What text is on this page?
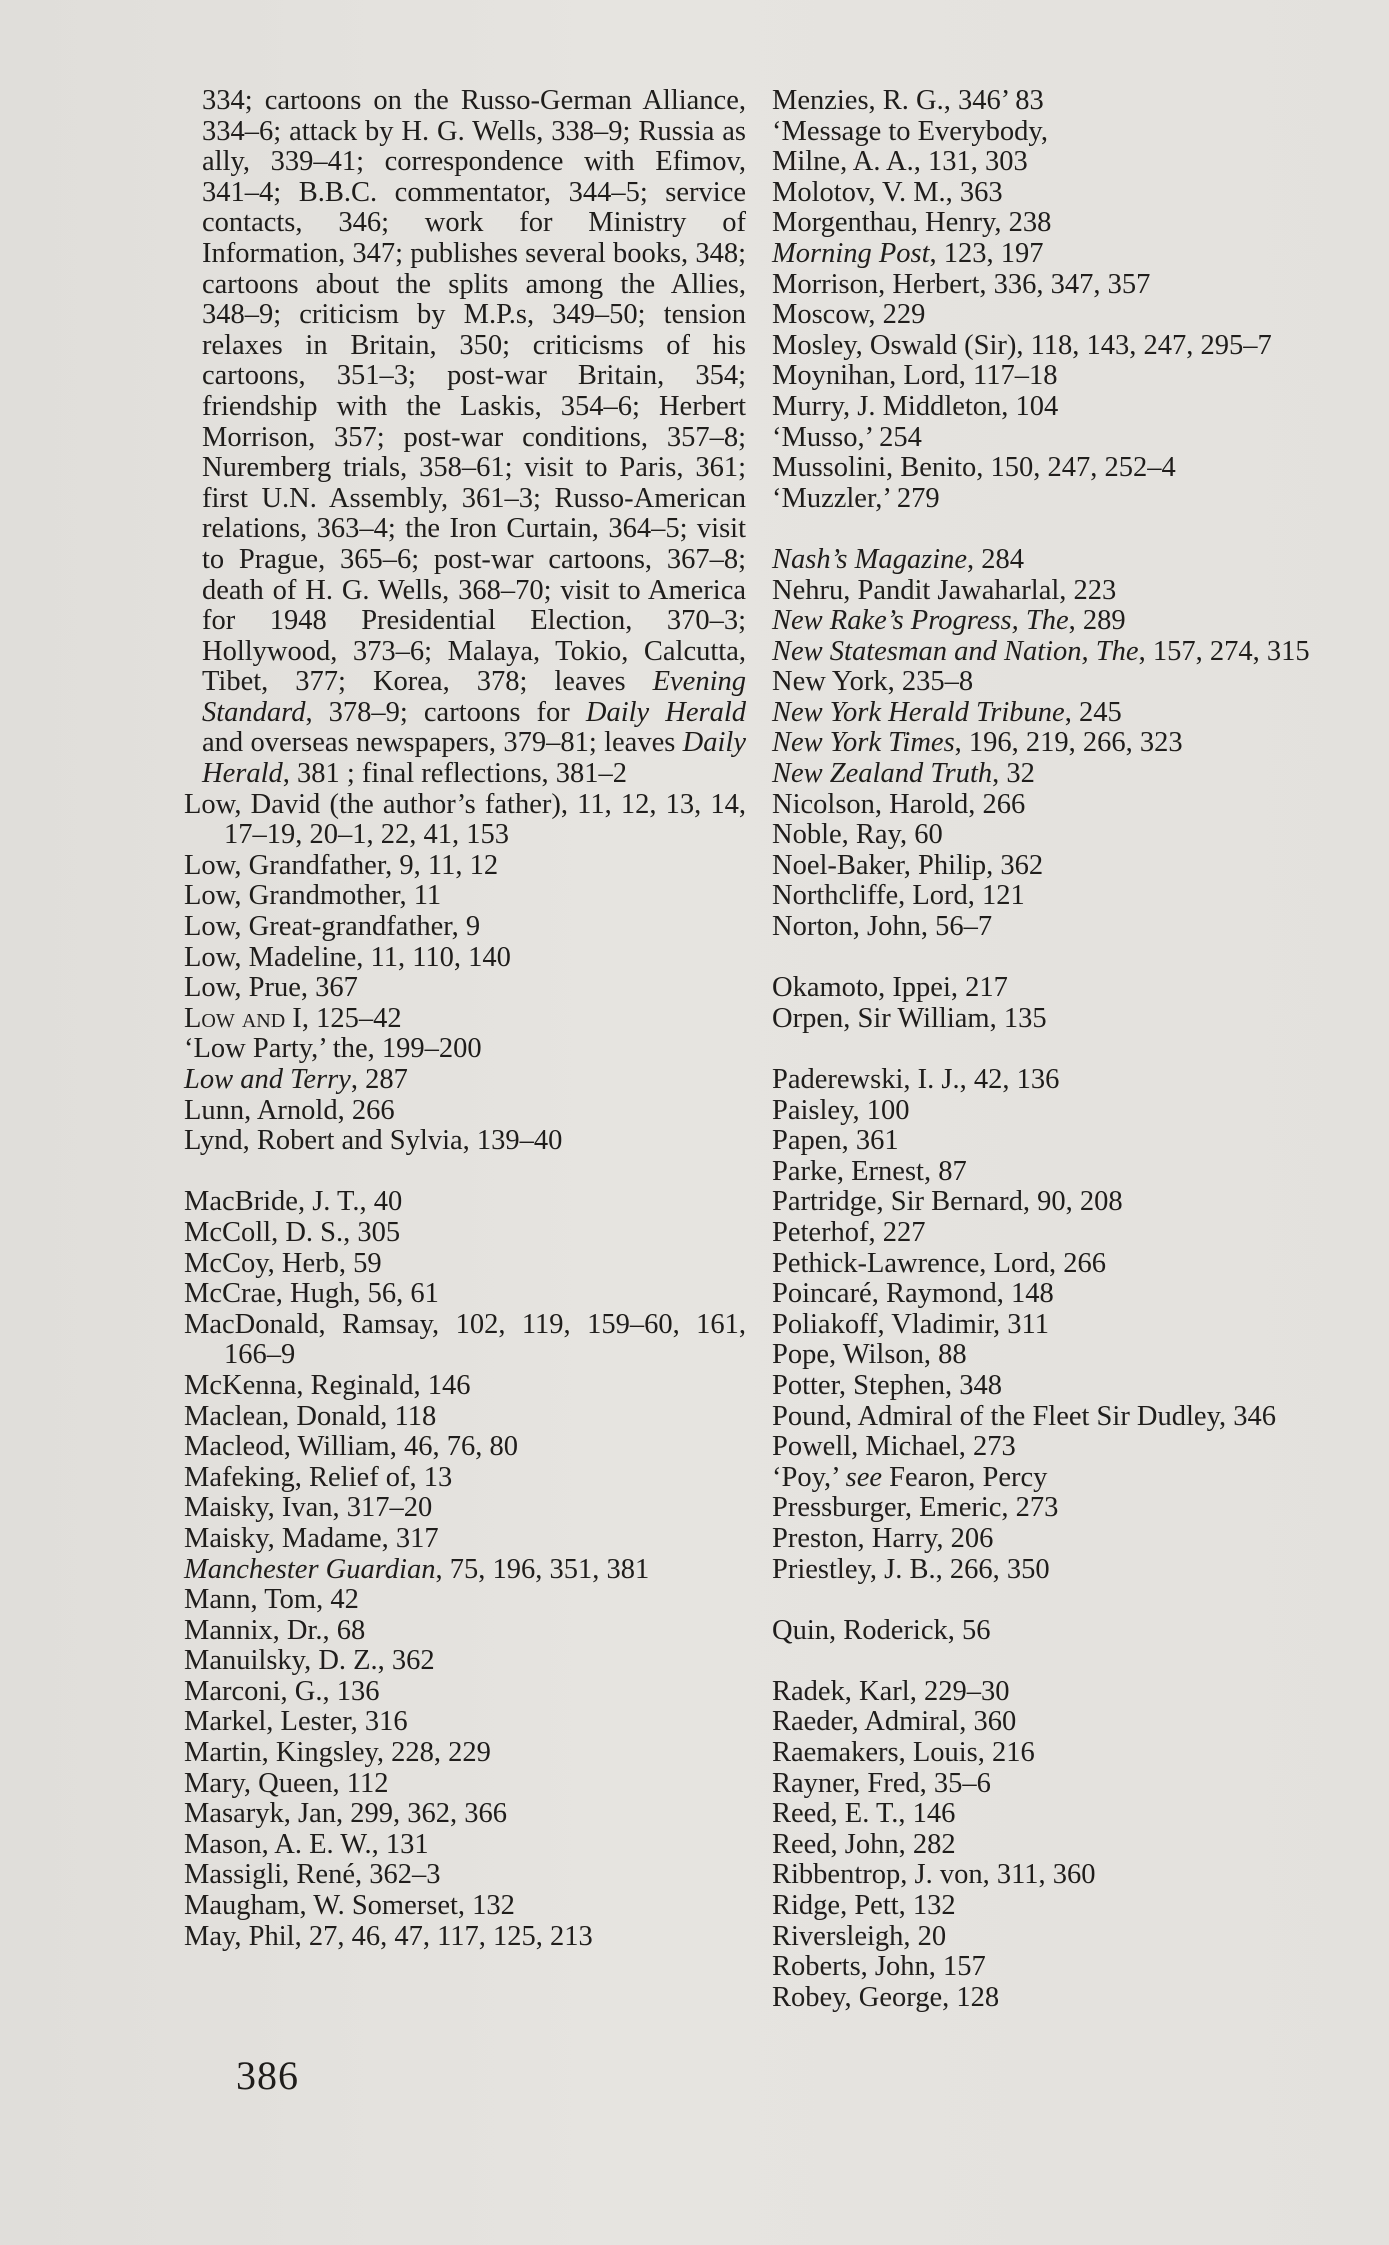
334; cartoons on the Russo-German Alliance, 334–6; attack by H. G. Wells, 338–9; Russia as ally, 339–41; correspondence with Efimov, 341–4; B.B.C. commentator, 344–5; service contacts, 346; work for Ministry of Information, 347; publishes several books, 348; cartoons about the splits among the Allies, 348–9; criticism by M.P.s, 349–50; tension relaxes in Britain, 350; criticisms of his cartoons, 351–3; post-war Britain, 354; friendship with the Laskis, 354–6; Herbert Morrison, 357; post-war conditions, 357–8; Nuremberg trials, 358–61; visit to Paris, 361; first U.N. Assembly, 361–3; Russo-American relations, 363–4; the Iron Curtain, 364–5; visit to Prague, 365–6; post-war cartoons, 367–8; death of H. G. Wells, 368–70; visit to America for 1948 Presidential Election, 370–3; Hollywood, 373–6; Malaya, Tokio, Calcutta, Tibet, 377; Korea, 378; leaves Evening Standard, 378–9; cartoons for Daily Herald and overseas newspapers, 379–81; leaves Daily Herald, 381 ; final reflections, 381–2

Low, David (the author’s father), 11, 12, 13, 14, 17–19, 20–1, 22, 41, 153

Low, Grandfather, 9, 11, 12

Low, Grandmother, 11

Low, Great-grandfather, 9

Low, Madeline, 11, 110, 140

Low, Prue, 367

Low and I, 125–42

‘Low Party,’ the, 199–200

Low and Terry, 287

Lunn, Arnold, 266

Lynd, Robert and Sylvia, 139–40

MacBride, J. T., 40

McColl, D. S., 305

McCoy, Herb, 59

McCrae, Hugh, 56, 61

MacDonald, Ramsay, 102, 119, 159–60, 161, 166–9

McKenna, Reginald, 146

Maclean, Donald, 118

Macleod, William, 46, 76, 80

Mafeking, Relief of, 13

Maisky, Ivan, 317–20

Maisky, Madame, 317

Manchester Guardian, 75, 196, 351, 381

Mann, Tom, 42

Mannix, Dr., 68

Manuilsky, D. Z., 362

Marconi, G., 136

Markel, Lester, 316

Martin, Kingsley, 228, 229

Mary, Queen, 112

Masaryk, Jan, 299, 362, 366

Mason, A. E. W., 131

Massigli, René, 362–3

Maugham, W. Somerset, 132

May, Phil, 27, 46, 47, 117, 125, 213

Menzies, R. G., 346’ 83

‘Message to Everybody,

Milne, A. A., 131, 303

Molotov, V. M., 363

Morgenthau, Henry, 238

Morning Post, 123, 197

Morrison, Herbert, 336, 347, 357

Moscow, 229

Mosley, Oswald (Sir), 118, 143, 247, 295–7

Moynihan, Lord, 117–18

Murry, J. Middleton, 104

‘Musso,’ 254

Mussolini, Benito, 150, 247, 252–4

‘Muzzler,’ 279

Nash’s Magazine, 284

Nehru, Pandit Jawaharlal, 223

New Rake’s Progress, The, 289

New Statesman and Nation, The, 157, 274, 315

New York, 235–8

New York Herald Tribune, 245

New York Times, 196, 219, 266, 323

New Zealand Truth, 32

Nicolson, Harold, 266

Noble, Ray, 60

Noel-Baker, Philip, 362

Northcliffe, Lord, 121

Norton, John, 56–7

Okamoto, Ippei, 217

Orpen, Sir William, 135

Paderewski, I. J., 42, 136

Paisley, 100

Papen, 361

Parke, Ernest, 87

Partridge, Sir Bernard, 90, 208

Peterhof, 227

Pethick-Lawrence, Lord, 266

Poincaré, Raymond, 148

Poliakoff, Vladimir, 311

Pope, Wilson, 88

Potter, Stephen, 348

Pound, Admiral of the Fleet Sir Dudley, 346

Powell, Michael, 273

‘Poy,’ see Fearon, Percy

Pressburger, Emeric, 273

Preston, Harry, 206

Priestley, J. B., 266, 350

Quin, Roderick, 56

Radek, Karl, 229–30

Raeder, Admiral, 360

Raemakers, Louis, 216

Rayner, Fred, 35–6

Reed, E. T., 146

Reed, John, 282

Ribbentrop, J. von, 311, 360

Ridge, Pett, 132

Riversleigh, 20

Roberts, John, 157

Robey, George, 128

386
